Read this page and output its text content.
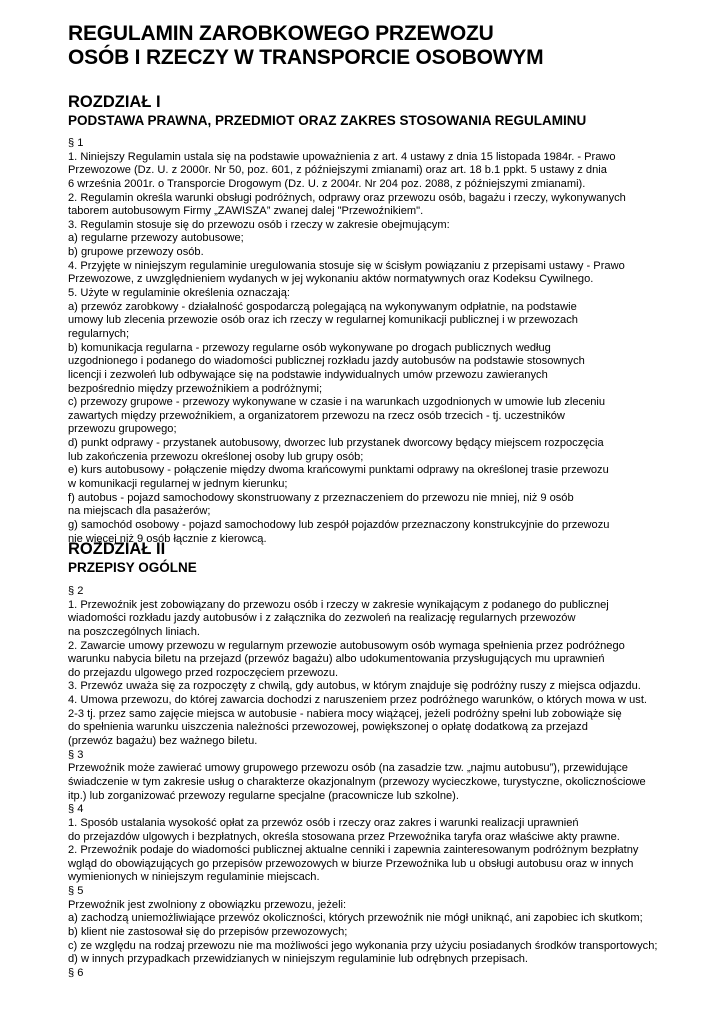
REGULAMIN ZAROBKOWEGO PRZEWOZU
OSÓB I RZECZY W TRANSPORCIE OSOBOWYM
ROZDZIAŁ I
PODSTAWA PRAWNA, PRZEDMIOT ORAZ ZAKRES STOSOWANIA REGULAMINU
§ 1
1. Niniejszy Regulamin ustala się na podstawie upoważnienia z art. 4 ustawy z dnia 15 listopada 1984r. - Prawo
Przewozowe (Dz. U. z 2000r. Nr 50, poz. 601, z późniejszymi zmianami) oraz art. 18 b.1 ppkt. 5 ustawy z dnia
6 września 2001r. o Transporcie Drogowym (Dz. U. z 2004r. Nr 204 poz. 2088, z późniejszymi zmianami).
2. Regulamin określa warunki obsługi podróżnych, odprawy oraz przewozu osób, bagażu i rzeczy, wykonywanych
taborem autobusowym Firmy „ZAWISZA” zwanej dalej "Przewoźnikiem".
3. Regulamin stosuje się do przewozu osób i rzeczy w zakresie obejmującym:
a) regularne przewozy autobusowe;
b) grupowe przewozy osób.
4. Przyjęte w niniejszym regulaminie uregulowania stosuje się w ścisłym powiązaniu z przepisami ustawy - Prawo
Przewozowe, z uwzględnieniem wydanych w jej wykonaniu aktów normatywnych oraz Kodeksu Cywilnego.
5. Użyte w regulaminie określenia oznaczają:
a) przewóz zarobkowy - działalność gospodarczą polegającą na wykonywanym odpłatnie, na podstawie
umowy lub zlecenia przewozie osób oraz ich rzeczy w regularnej komunikacji publicznej i w przewozach
regularnych;
b) komunikacja regularna - przewozy regularne osób wykonywane po drogach publicznych według
uzgodnionego i podanego do wiadomości publicznej rozkładu jazdy autobusów na podstawie stosownych
licencji i zezwoleń lub odbywające się na podstawie indywidualnych umów przewozu zawieranych
bezpośrednio między przewoźnikiem a podróżnymi;
c) przewozy grupowe - przewozy wykonywane w czasie i na warunkach uzgodnionych w umowie lub zleceniu
zawartych między przewoźnikiem, a organizatorem przewozu na rzecz osób trzecich - tj. uczestników
przewozu grupowego;
d) punkt odprawy - przystanek autobusowy, dworzec lub przystanek dworcowy będący miejscem rozpoczęcia
lub zakończenia przewozu określonej osoby lub grupy osób;
e) kurs autobusowy - połączenie między dwoma krańcowymi punktami odprawy na określonej trasie przewozu
w komunikacji regularnej w jednym kierunku;
f) autobus - pojazd samochodowy skonstruowany z przeznaczeniem do przewozu nie mniej, niż 9 osób
na miejscach dla pasażerów;
g) samochód osobowy - pojazd samochodowy lub zespół pojazdów przeznaczony konstrukcyjnie do przewozu
nie więcej niż 9 osób łącznie z kierowcą.
ROZDZIAŁ II
PRZEPISY OGÓLNE
§ 2
1. Przewoźnik jest zobowiązany do przewozu osób i rzeczy w zakresie wynikającym z podanego do publicznej
wiadomości rozkładu jazdy autobusów i z załącznika do zezwoleń na realizację regularnych przewozów
na poszczególnych liniach.
2. Zawarcie umowy przewozu w regularnym przewozie autobusowym osób wymaga spełnienia przez podróżnego
warunku nabycia biletu na przejazd (przewóz bagażu) albo udokumentowania przysługujących mu uprawnień
do przejazdu ulgowego przed rozpoczęciem przewozu.
3. Przewóz uważa się za rozpoczęty z chwilą, gdy autobus, w którym znajduje się podróżny ruszy z miejsca odjazdu.
4. Umowa przewozu, do której zawarcia dochodzi z naruszeniem przez podróżnego warunków, o których mowa w ust.
2-3 tj. przez samo zajęcie miejsca w autobusie - nabiera mocy wiążącej, jeżeli podróżny spełni lub zobowiąże się
do spełnienia warunku uiszczenia należności przewozowej, powiększonej o opłatę dodatkową za przejazd
(przewóz bagażu) bez ważnego biletu.
§ 3
Przewoźnik może zawierać umowy grupowego przewozu osób (na zasadzie tzw. „najmu autobusu”), przewidujące
świadczenie w tym zakresie usług o charakterze okazjonalnym (przewozy wycieczkowe, turystyczne, okolicznościowe
itp.) lub zorganizować przewozy regularne specjalne (pracownicze lub szkolne).
§ 4
1. Sposób ustalania wysokość opłat za przewóz osób i rzeczy oraz zakres i warunki realizacji uprawnień
do przejazdów ulgowych i bezpłatnych, określa stosowana przez Przewoźnika taryfa oraz właściwe akty prawne.
2. Przewoźnik podaje do wiadomości publicznej aktualne cenniki i zapewnia zainteresowanym podróżnym bezpłatny
wgląd do obowiązujących go przepisów przewozowych w biurze Przewoźnika lub u obsługi autobusu oraz w innych
wymienionych w niniejszym regulaminie miejscach.
§ 5
Przewoźnik jest zwolniony z obowiązku przewozu, jeżeli:
a) zachodzą uniemożliwiające przewóz okoliczności, których przewoźnik nie mógł uniknąć, ani zapobiec ich skutkom;
b) klient nie zastosował się do przepisów przewozowych;
c) ze względu na rodzaj przewozu nie ma możliwości jego wykonania przy użyciu posiadanych środków transportowych;
d) w innych przypadkach przewidzianych w niniejszym regulaminie lub odrębnych przepisach.
§ 6
